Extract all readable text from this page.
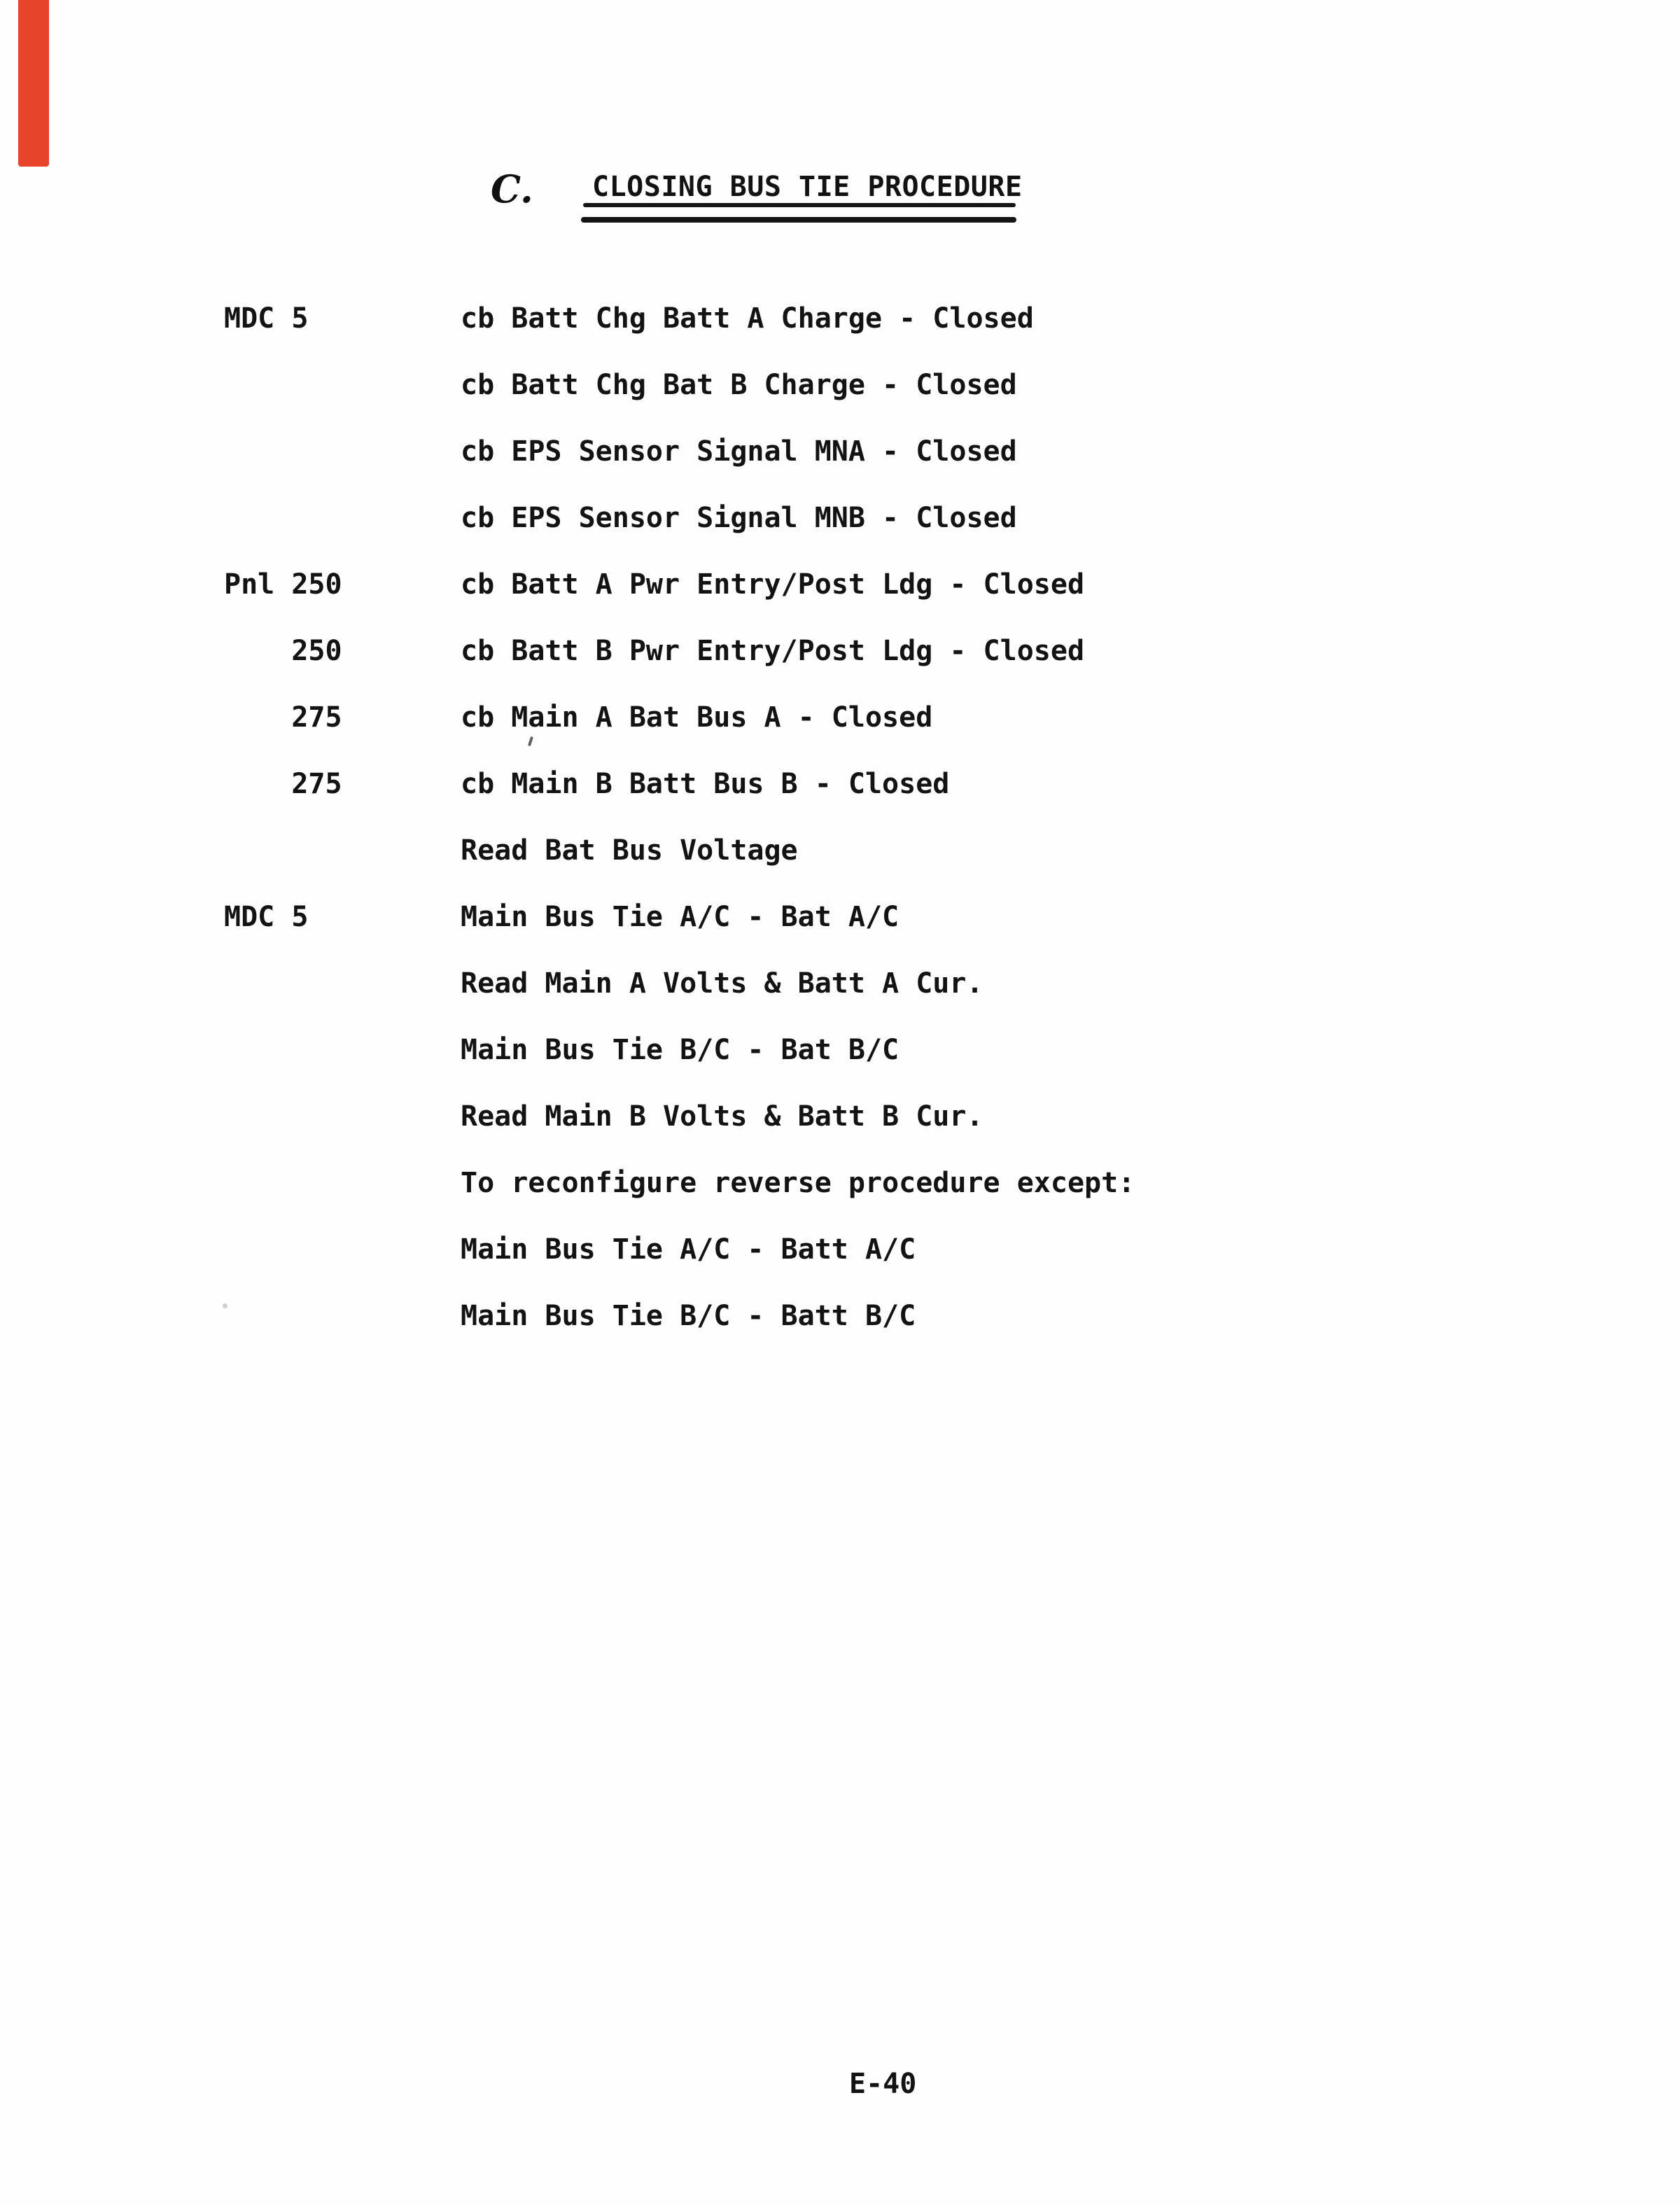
C. CLOSING BUS TIE PROCEDURE
MDC 5	cb Batt Chg Batt A Charge - Closed
cb Batt Chg Bat B Charge - Closed
cb EPS Sensor Signal MNA - Closed
cb EPS Sensor Signal MNB - Closed
Pnl 250	cb Batt A Pwr Entry/Post Ldg - Closed
250	cb Batt B Pwr Entry/Post Ldg - Closed
275	cb Main A Bat Bus A - Closed
275	cb Main B Batt Bus B - Closed
Read Bat Bus Voltage
MDC 5	Main Bus Tie A/C - Bat A/C
Read Main A Volts & Batt A Cur.
Main Bus Tie B/C - Bat B/C
Read Main B Volts & Batt B Cur.
To reconfigure reverse procedure except:
Main Bus Tie A/C - Batt A/C
Main Bus Tie B/C - Batt B/C
E-40
